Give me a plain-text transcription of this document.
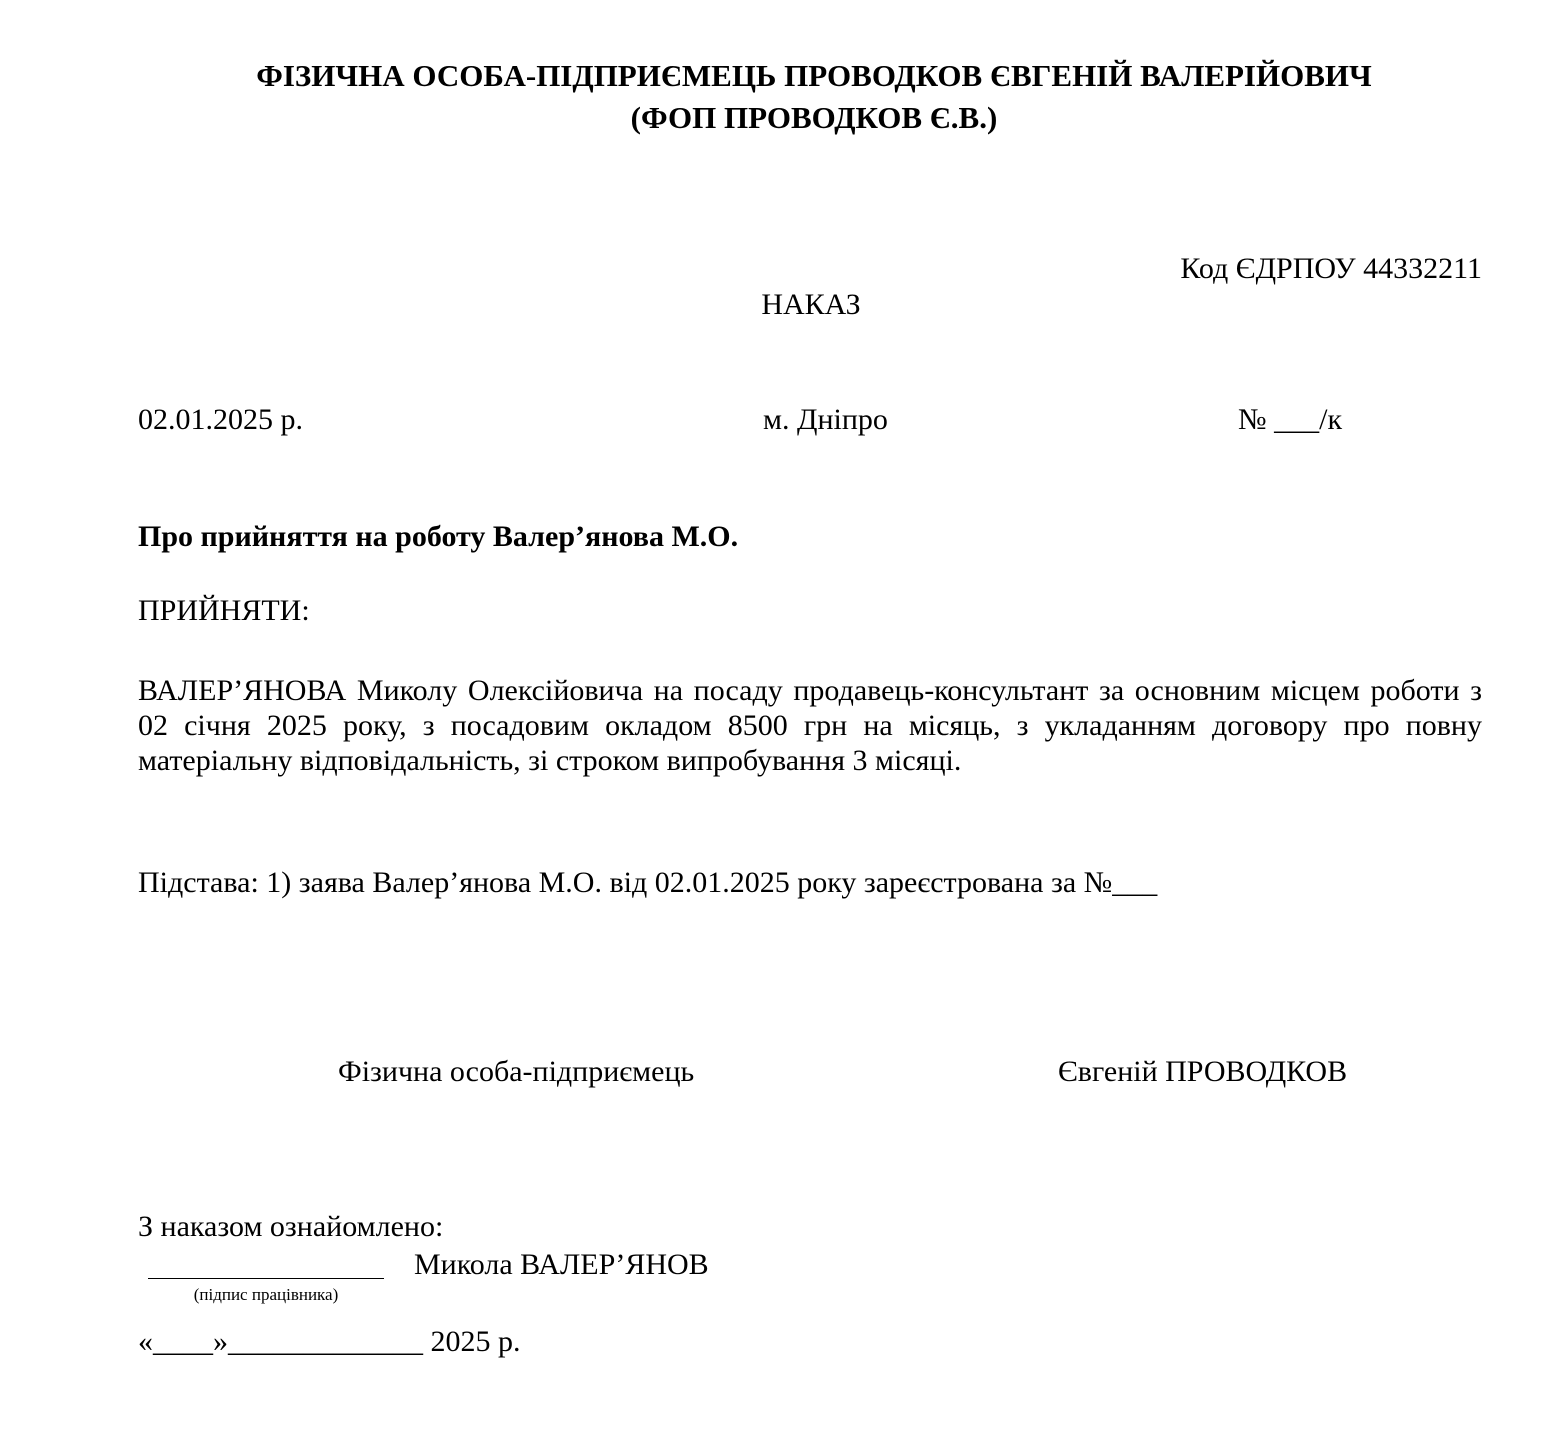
ФІЗИЧНА ОСОБА-ПІДПРИЄМЕЦЬ ПРОВОДКОВ ЄВГЕНІЙ ВАЛЕРІЙОВИЧ
(ФОП ПРОВОДКОВ Є.В.)
Код ЄДРПОУ 44332211
НАКАЗ
02.01.2025 р.	м. Дніпро	№ ___/к
Про прийняття на роботу Валер’янова М.О.
ПРИЙНЯТИ:
ВАЛЕР’ЯНОВА Миколу Олексійовича на посаду продавець-консультант за основним місцем роботи з 02 січня 2025 року, з посадовим окладом 8500 грн на місяць, з укладанням договору про повну матеріальну відповідальність, зі строком випробування 3 місяці.
Підстава: 1) заява Валер’янова М.О. від 02.01.2025 року зареєстрована за №___
Фізична особа-підприємець	Євгеній ПРОВОДКОВ
З наказом ознайомлено:
Микола ВАЛЕР’ЯНОВ
(підпис працівника)
«____»_____________ 2025 р.
